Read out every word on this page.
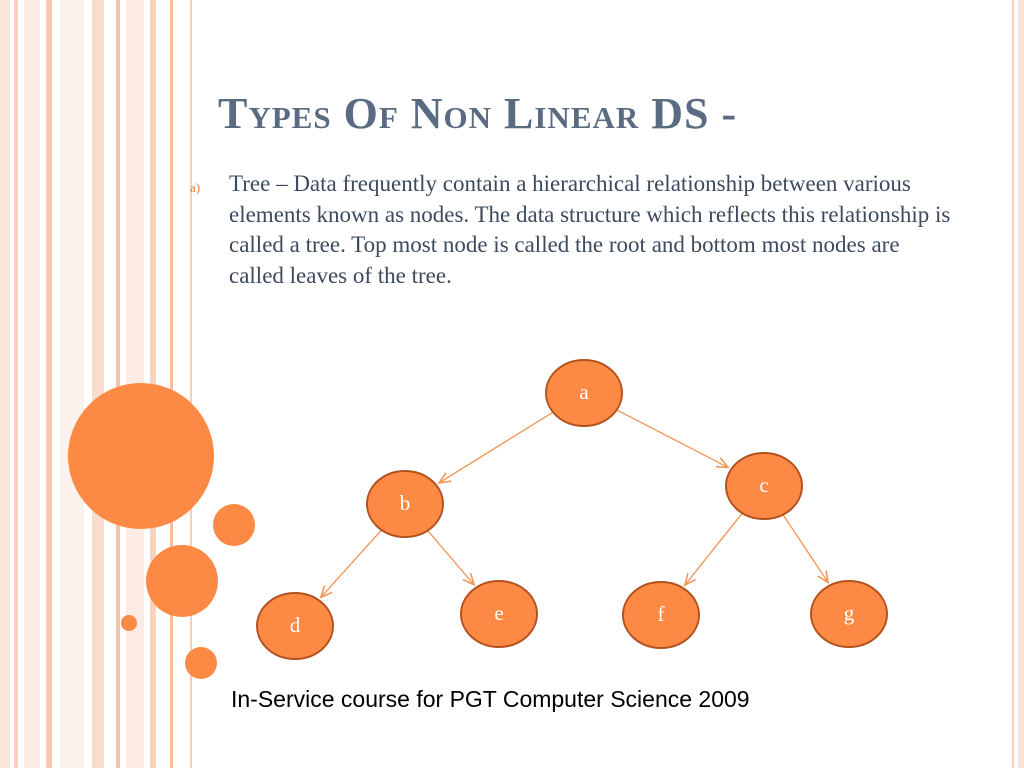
Types Of Non Linear DS -
a) Tree – Data frequently contain a hierarchical relationship between various elements known as nodes. The data structure which reflects this relationship is called a tree. Top most node is called the root and bottom most nodes are called leaves of the tree.

a
b
c
d	e	f	g

In-Service course for PGT Computer Science 2009
